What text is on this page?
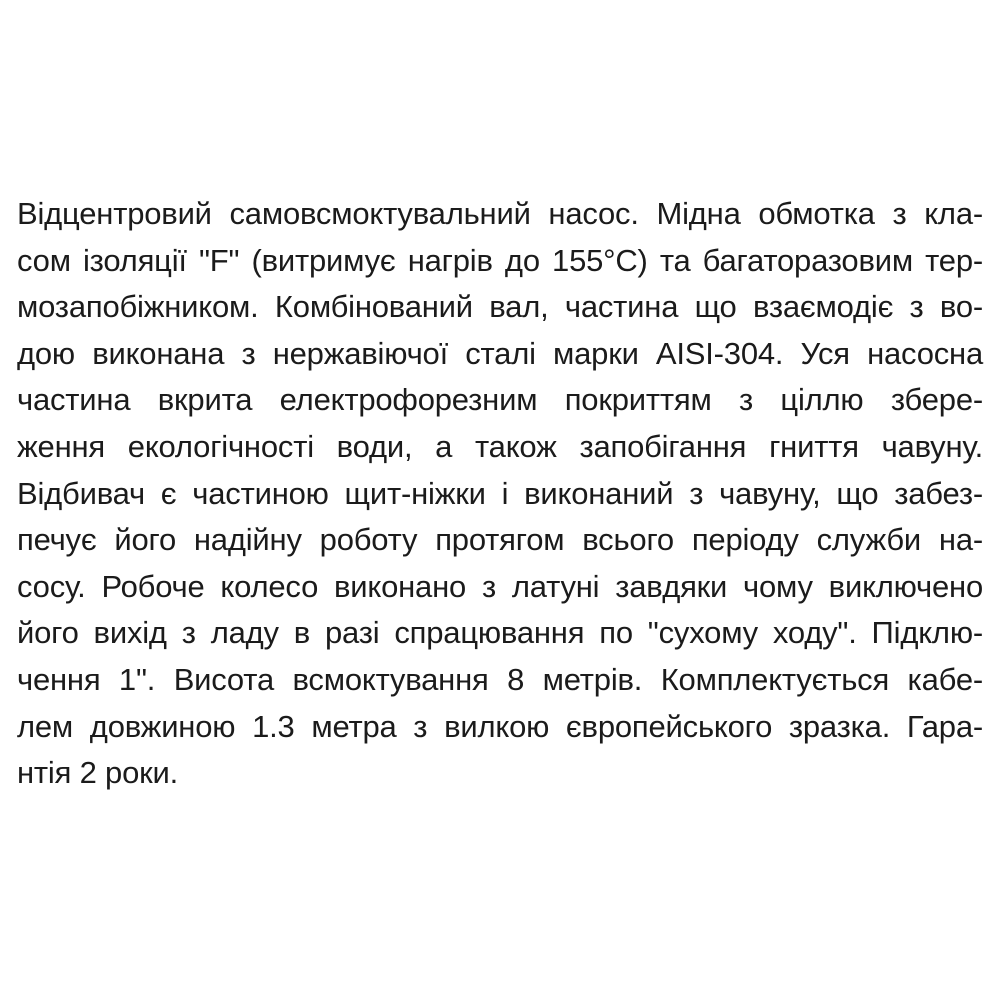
Відцентровий самовсмоктувальний насос. Мідна обмотка з кла-
сом ізоляції "F" (витримує нагрів до 155°C) та багаторазовим тер-
мозапобіжником. Комбінований вал, частина що взаємодіє з во-
дою виконана з нержавіючої сталі марки AISI-304. Уся насосна
частина вкрита електрофорезним покриттям з ціллю збере-
ження екологічності води, а також запобігання гниття чавуну.
Відбивач є частиною щит-ніжки і виконаний з чавуну, що забез-
печує його надійну роботу протягом всього періоду служби на-
сосу. Робоче колесо виконано з латуні завдяки чому виключено
його вихід з ладу в разі спрацювання по "сухому ходу". Підклю-
чення 1". Висота всмоктування 8 метрів. Комплектується кабе-
лем довжиною 1.3 метра з вилкою європейського зразка. Гара-
нтія 2 роки.
